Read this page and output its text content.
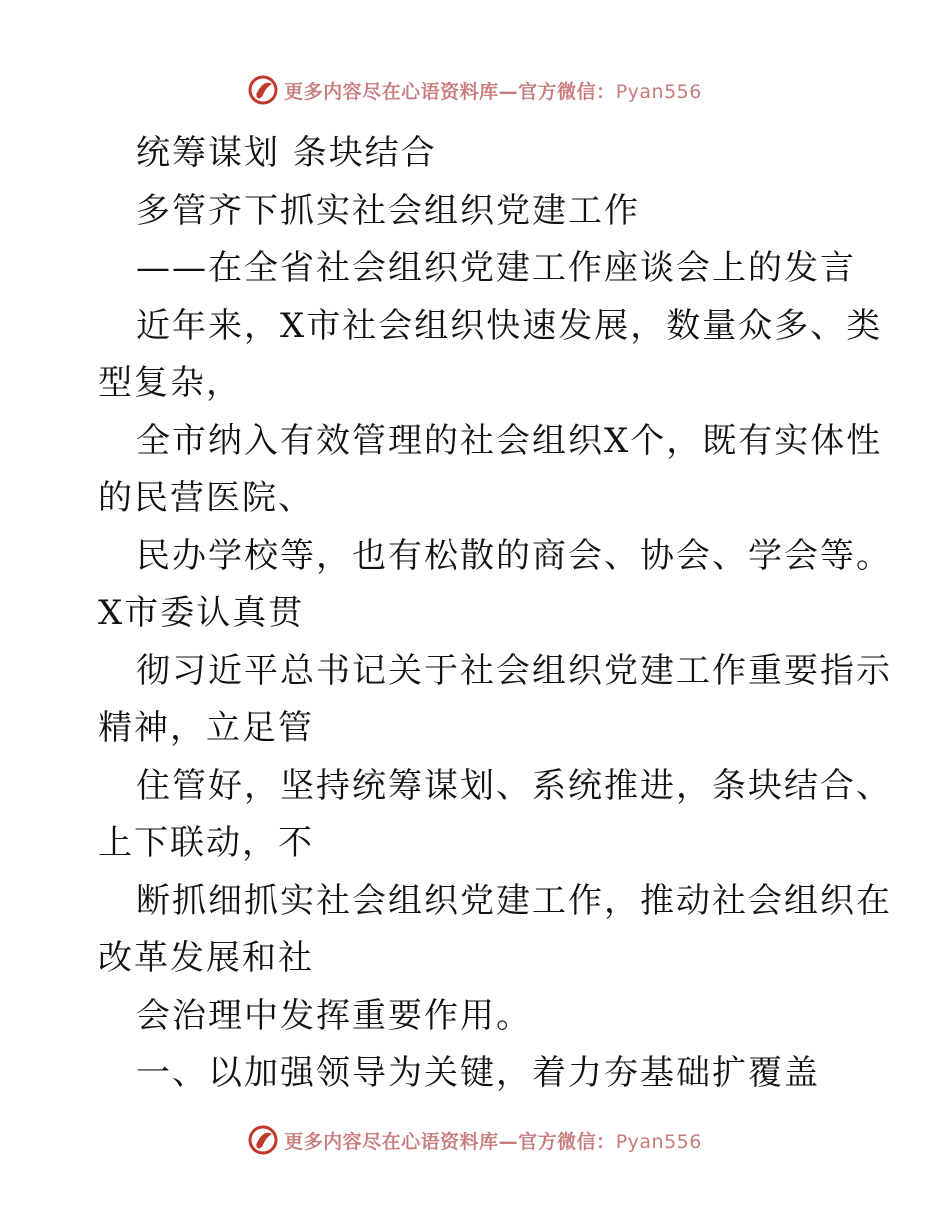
更多内容尽在心语资料库—官方微信：Pyan556

统筹谋划 条块结合

多管齐下抓实社会组织党建工作

——在全省社会组织党建工作座谈会上的发言

近年来，X市社会组织快速发展，数量众多、类

型复杂，

全市纳入有效管理的社会组织X个，既有实体性

的民营医院、

民办学校等，也有松散的商会、协会、学会等。

X市委认真贯

彻习近平总书记关于社会组织党建工作重要指示

精神，立足管

住管好，坚持统筹谋划、系统推进，条块结合、

上下联动，不

断抓细抓实社会组织党建工作，推动社会组织在

改革发展和社

会治理中发挥重要作用。

一、以加强领导为关键，着力夯基础扩覆盖

更多内容尽在心语资料库—官方微信：Pyan556
